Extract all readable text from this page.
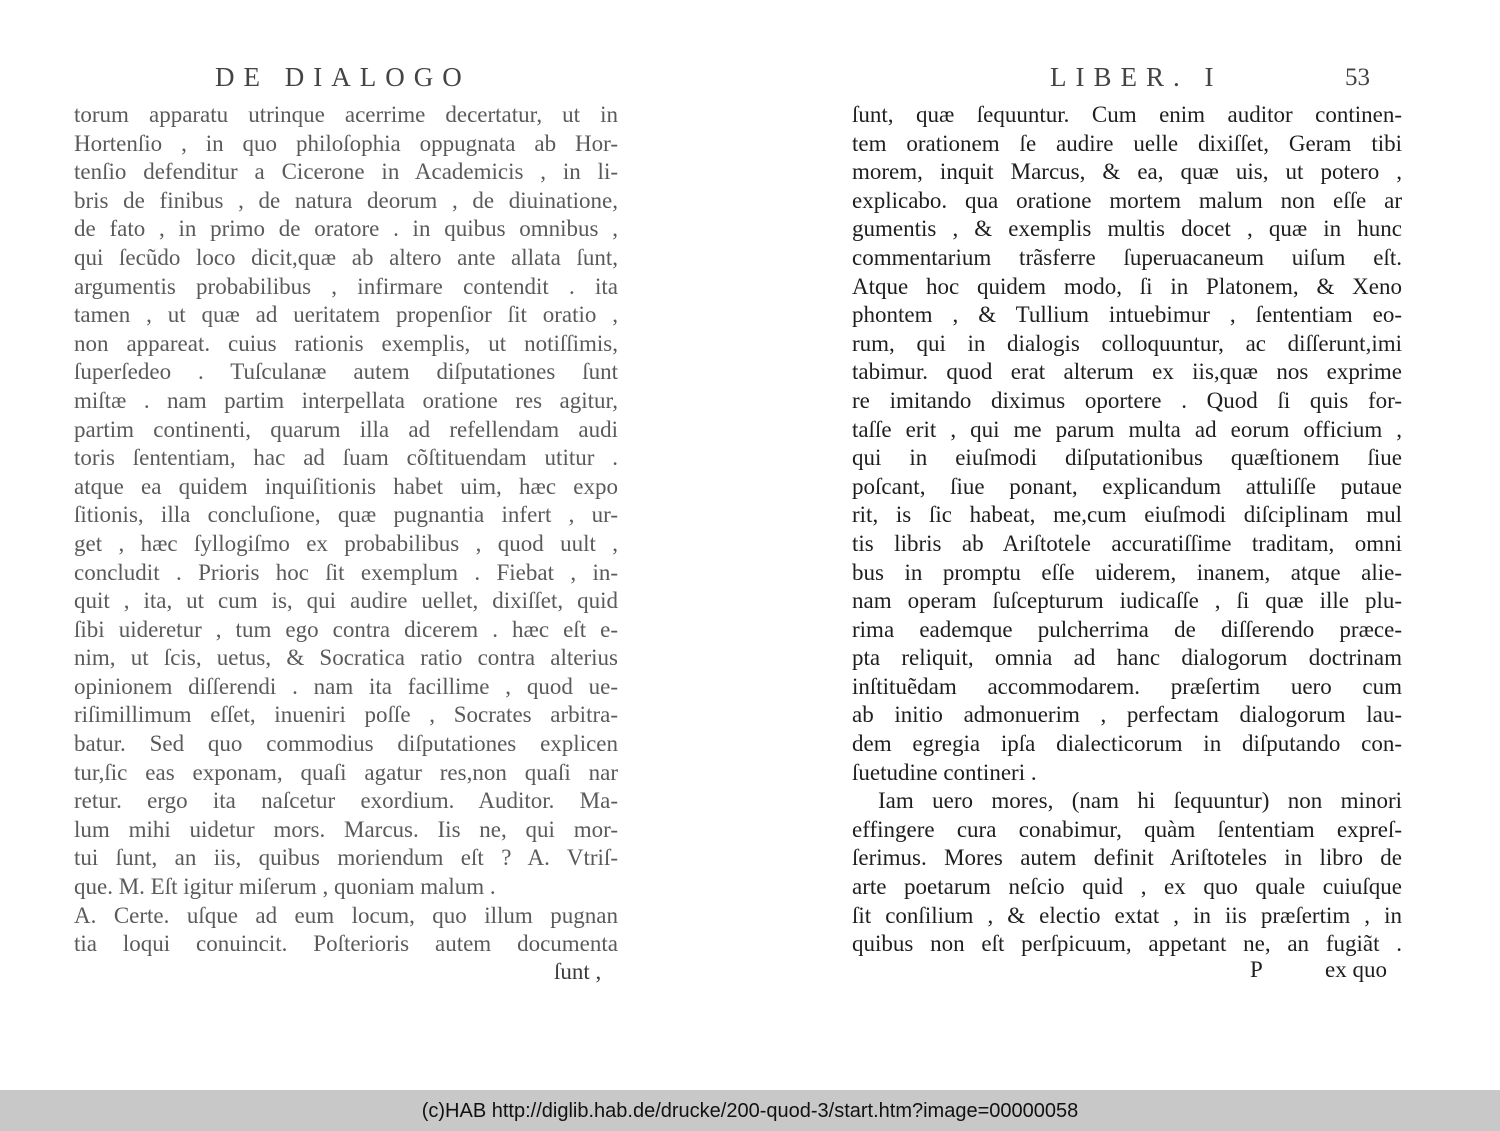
DE DIALOGO
torum apparatu utrinque acerrime decertatur, ut in
Hortenſio , in quo philoſophia oppugnata ab Hor-
tenſio defenditur a Cicerone in Academicis , in li-
bris de finibus , de natura deorum , de diuinatione,
de fato , in primo de oratore . in quibus omnibus ,
qui ſecũdo loco dicit,quæ ab altero ante allata ſunt,
argumentis probabilibus , infirmare contendit . ita
tamen , ut quæ ad ueritatem propenſior ſit oratio ,
non appareat. cuius rationis exemplis, ut notiſſimis,
ſuperſedeo . Tuſculanæ autem diſputationes ſunt
miſtæ . nam partim interpellata oratione res agitur,
partim continenti, quarum illa ad refellendam audi
toris ſententiam, hac ad ſuam cõſtituendam utitur .
atque ea quidem inquiſitionis habet uim, hæc expo
ſitionis, illa concluſione, quæ pugnantia infert , ur-
get , hæc ſyllogiſmo ex probabilibus , quod uult ,
concludit . Prioris hoc ſit exemplum . Fiebat , in-
quit , ita, ut cum is, qui audire uellet, dixiſſet, quid
ſibi uideretur , tum ego contra dicerem . hæc eſt e-
nim, ut ſcis, uetus, & Socratica ratio contra alterius
opinionem diſſerendi . nam ita facillime , quod ue-
riſimillimum eſſet, inueniri poſſe , Socrates arbitra-
batur. Sed quo commodius diſputationes explicen
tur,ſic eas exponam, quaſi agatur res,non quaſi nar
retur. ergo ita naſcetur exordium. Auditor. Ma-
lum mihi uidetur mors. Marcus. Iis ne, qui mor-
tui ſunt, an iis, quibus moriendum eſt ? A. Vtriſ-
que. M. Eſt igitur miſerum , quoniam malum .
A. Certe. uſque ad eum locum, quo illum pugnan
tia loqui conuincit. Poſterioris autem documenta
ſunt ,
LIBER. I	53
ſunt, quæ ſequuntur. Cum enim auditor continen-
tem orationem ſe audire uelle dixiſſet, Geram tibi
morem, inquit Marcus, & ea, quæ uis, ut potero ,
explicabo. qua oratione mortem malum non eſſe ar
gumentis , & exemplis multis docet , quæ in hunc
commentarium trãsferre ſuperuacaneum uiſum eſt.
Atque hoc quidem modo, ſi in Platonem, & Xeno
phontem , & Tullium intuebimur , ſententiam eo-
rum, qui in dialogis colloquuntur, ac diſſerunt,imi
tabimur. quod erat alterum ex iis,quæ nos exprime
re imitando diximus oportere . Quod ſi quis for-
taſſe erit , qui me parum multa ad eorum officium ,
qui in eiuſmodi diſputationibus quæſtionem ſiue
poſcant, ſiue ponant, explicandum attuliſſe putaue
rit, is ſic habeat, me,cum eiuſmodi diſciplinam mul
tis libris ab Ariſtotele accuratiſſime traditam, omni
bus in promptu eſſe uiderem, inanem, atque alie-
nam operam ſuſcepturum iudicaſſe , ſi quæ ille plu-
rima eademque pulcherrima de diſſerendo præce-
pta reliquit, omnia ad hanc dialogorum doctrinam
inſtituẽdam accommodarem. præſertim uero cum
ab initio admonuerim , perfectam dialogorum lau-
dem egregia ipſa dialecticorum in diſputando con-
ſuetudine contineri .
Iam uero mores, (nam hi ſequuntur) non minori
effingere cura conabimur, quàm ſententiam expreſ-
ſerimus. Mores autem definit Ariſtoteles in libro de
arte poetarum neſcio quid , ex quo quale cuiuſque
ſit conſilium , & electio extat , in iis præſertim , in
quibus non eſt perſpicuum, appetant ne, an fugiãt .
P	ex quo
(c)HAB http://diglib.hab.de/drucke/200-quod-3/start.htm?image=00000058
